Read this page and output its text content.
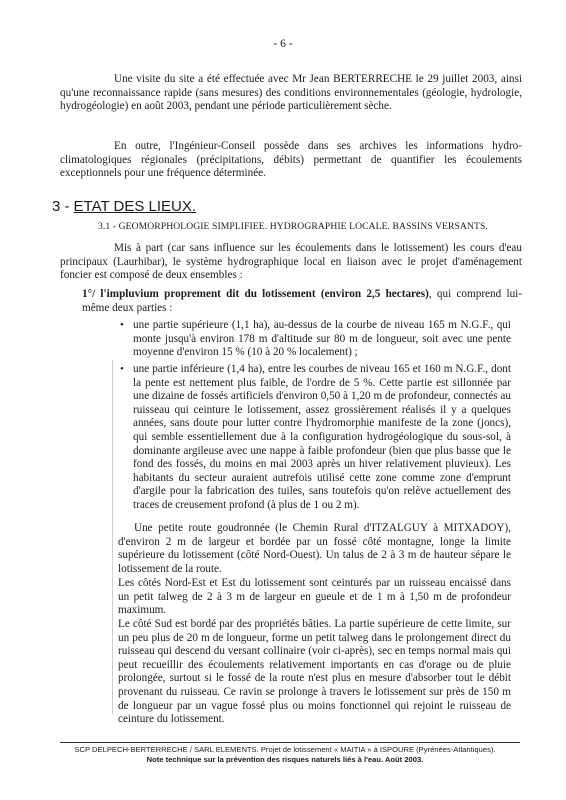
- 6 -

Une visite du site a été effectuée avec Mr Jean BERTERRECHE le 29 juillet 2003, ainsi qu'une reconnaissance rapide (sans mesures) des conditions environnementales (géologie, hydrologie, hydrogéologie) en août 2003, pendant une période particulièrement sèche.

En outre, l'Ingénieur-Conseil possède dans ses archives les informations hydro-climatologiques régionales (précipitations, débits) permettant de quantifier les écoulements exceptionnels pour une fréquence déterminée.

3 - ETAT DES LIEUX.
3.1 - GEOMORPHOLOGIE SIMPLIFIEE. HYDROGRAPHIE LOCALE. BASSINS VERSANTS.

Mis à part (car sans influence sur les écoulements dans le lotissement) les cours d'eau principaux (Laurhibar), le système hydrographique local en liaison avec le projet d'aménagement foncier est composé de deux ensembles :

1°/ l'impluvium proprement dit du lotissement (environ 2,5 hectares), qui comprend lui-même deux parties :

• une partie supérieure (1,1 ha), au-dessus de la courbe de niveau 165 m N.G.F., qui monte jusqu'à environ 178 m d'altitude sur 80 m de longueur, soit avec une pente moyenne d'environ 15 % (10 à 20 % localement) ;

• une partie inférieure (1,4 ha), entre les courbes de niveau 165 et 160 m N.G.F., dont la pente est nettement plus faible, de l'ordre de 5 %. Cette partie est sillonnée par une dizaine de fossés artificiels d'environ 0,50 à 1,20 m de profondeur, connectés au ruisseau qui ceinture le lotissement, assez grossièrement réalisés il y a quelques années, sans doute pour lutter contre l'hydromorphie manifeste de la zone (joncs), qui semble essentiellement due à la configuration hydrogéologique du sous-sol, à dominante argileuse avec une nappe à faible profondeur (bien que plus basse que le fond des fossés, du moins en mai 2003 après un hiver relativement pluvieux). Les habitants du secteur auraient autrefois utilisé cette zone comme zone d'emprunt d'argile pour la fabrication des tuiles, sans toutefois qu'on relève actuellement des traces de creusement profond (à plus de 1 ou 2 m).

Une petite route goudronnée (le Chemin Rural d'ITZALGUY à MITXADOY), d'environ 2 m de largeur et bordée par un fossé côté montagne, longe la limite supérieure du lotissement (côté Nord-Ouest). Un talus de 2 à 3 m de hauteur sépare le lotissement de la route.

Les côtés Nord-Est et Est du lotissement sont ceinturés par un ruisseau encaissé dans un petit talweg de 2 à 3 m de largeur en gueule et de 1 m à 1,50 m de profondeur maximum.

Le côté Sud est bordé par des propriétés bâties. La partie supérieure de cette limite, sur un peu plus de 20 m de longueur, forme un petit talweg dans le prolongement direct du ruisseau qui descend du versant collinaire (voir ci-après), sec en temps normal mais qui peut recueillir des écoulements relativement importants en cas d'orage ou de pluie prolongée, surtout si le fossé de la route n'est plus en mesure d'absorber tout le débit provenant du ruisseau. Ce ravin se prolonge à travers le lotissement sur près de 150 m de longueur par un vague fossé plus ou moins fonctionnel qui rejoint le ruisseau de ceinture du lotissement.

SCP DELPECH-BERTERRECHE / SARL ELEMENTS. Projet de lotissement « MAITIA » à ISPOURE (Pyrénées-Atlantiques).
Note technique sur la prévention des risques naturels liés à l'eau. Août 2003.
